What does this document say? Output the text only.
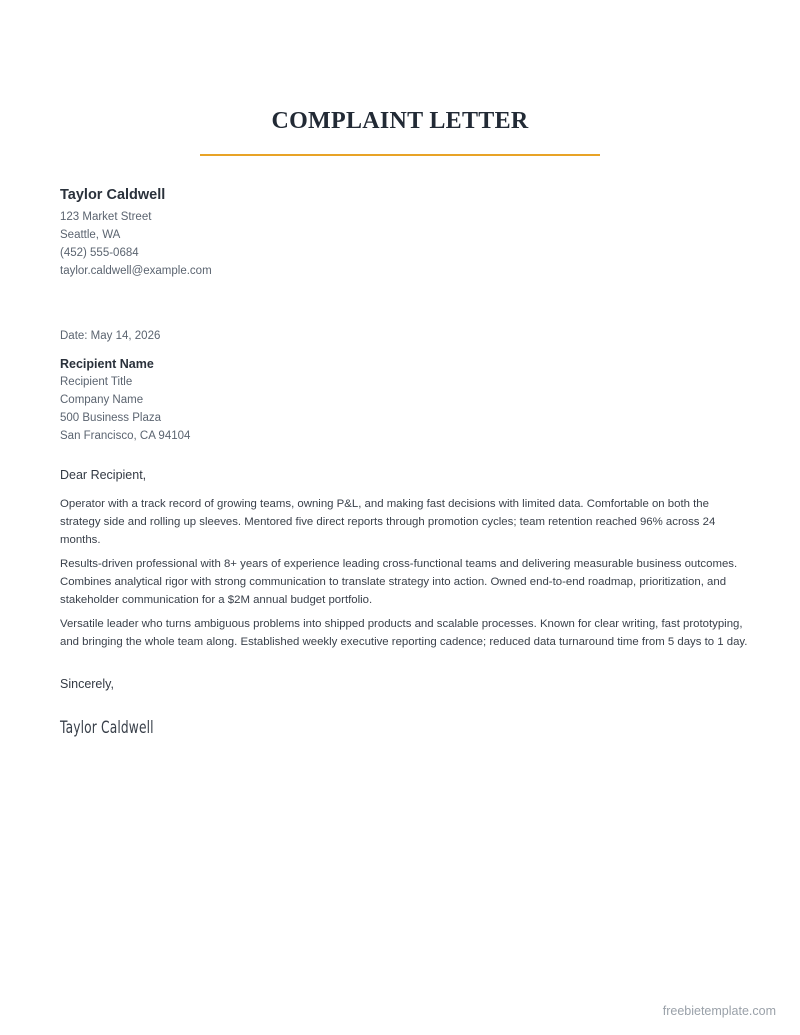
COMPLAINT LETTER
Taylor Caldwell
123 Market Street
Seattle, WA
(452) 555-0684
taylor.caldwell@example.com
Date: May 14, 2026
Recipient Name
Recipient Title
Company Name
500 Business Plaza
San Francisco, CA 94104
Dear Recipient,

Operator with a track record of growing teams, owning P&L, and making fast decisions with limited data. Comfortable on both the strategy side and rolling up sleeves. Mentored five direct reports through promotion cycles; team retention reached 96% across 24 months.

Results-driven professional with 8+ years of experience leading cross-functional teams and delivering measurable business outcomes. Combines analytical rigor with strong communication to translate strategy into action. Owned end-to-end roadmap, prioritization, and stakeholder communication for a $2M annual budget portfolio.

Versatile leader who turns ambiguous problems into shipped products and scalable processes. Known for clear writing, fast prototyping, and bringing the whole team along. Established weekly executive reporting cadence; reduced data turnaround time from 5 days to 1 day.

Sincerely,
Taylor Caldwell
freebietemplate.com
